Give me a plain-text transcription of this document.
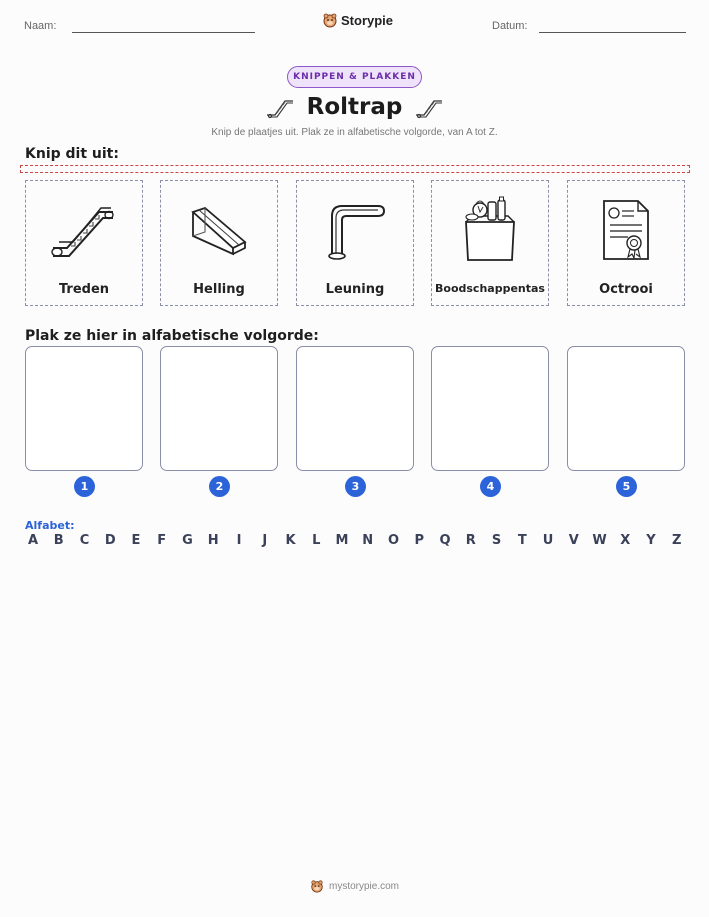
Naam:	Storypie	Datum:
KNIPPEN & PLAKKEN
Roltrap
Knip de plaatjes uit. Plak ze in alfabetische volgorde, van A tot Z.
Knip dit uit:
Treden	Helling	Leuning	Boodschappentas	Octrooi
Plak ze hier in alfabetische volgorde:
1	2	3	4	5
Alfabet:
A B C D E F G H	I	J	K L M N O P Q R S T U V W X Y Z
mystorypie.com
